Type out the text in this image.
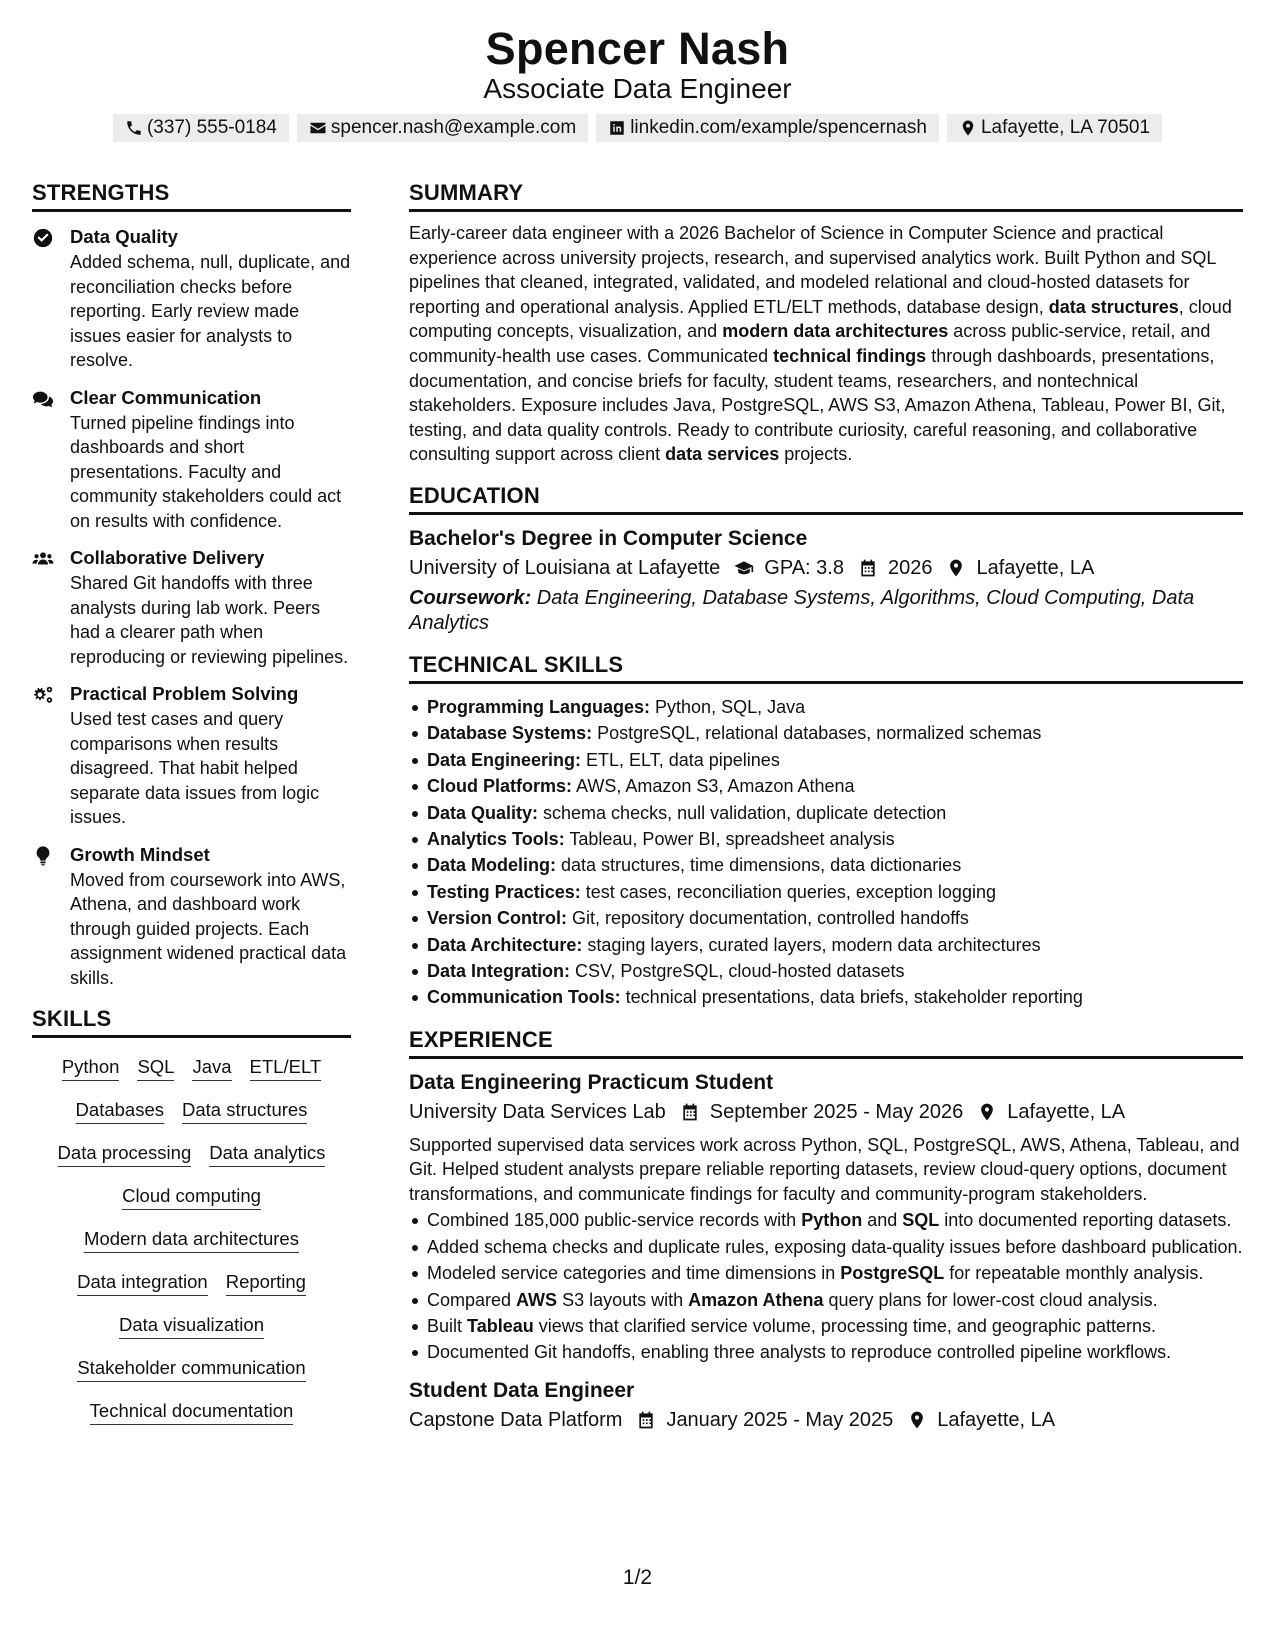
Spencer Nash
Associate Data Engineer
(337) 555-0184	spencer.nash@example.com	linkedin.com/example/spencernash	Lafayette, LA 70501
STRENGTHS
Data Quality
Added schema, null, duplicate, and reconciliation checks before reporting. Early review made issues easier for analysts to resolve.
Clear Communication
Turned pipeline findings into dashboards and short presentations. Faculty and community stakeholders could act on results with confidence.
Collaborative Delivery
Shared Git handoffs with three analysts during lab work. Peers had a clearer path when reproducing or reviewing pipelines.
Practical Problem Solving
Used test cases and query comparisons when results disagreed. That habit helped separate data issues from logic issues.
Growth Mindset
Moved from coursework into AWS, Athena, and dashboard work through guided projects. Each assignment widened practical data skills.
SKILLS
Python SQL Java ETL/ELT
Databases Data structures
Data processing Data analytics
Cloud computing
Modern data architectures
Data integration Reporting
Data visualization
Stakeholder communication
Technical documentation
SUMMARY
Early-career data engineer with a 2026 Bachelor of Science in Computer Science and practical experience across university projects, research, and supervised analytics work. Built Python and SQL pipelines that cleaned, integrated, validated, and modeled relational and cloud-hosted datasets for reporting and operational analysis. Applied ETL/ELT methods, database design, data structures, cloud computing concepts, visualization, and modern data architectures across public-service, retail, and community-health use cases. Communicated technical findings through dashboards, presentations, documentation, and concise briefs for faculty, student teams, researchers, and nontechnical stakeholders. Exposure includes Java, PostgreSQL, AWS S3, Amazon Athena, Tableau, Power BI, Git, testing, and data quality controls. Ready to contribute curiosity, careful reasoning, and collaborative consulting support across client data services projects.
EDUCATION
Bachelor's Degree in Computer Science
University of Louisiana at Lafayette GPA: 3.8 2026 Lafayette, LA
Coursework: Data Engineering, Database Systems, Algorithms, Cloud Computing, Data Analytics
TECHNICAL SKILLS
Programming Languages: Python, SQL, Java
Database Systems: PostgreSQL, relational databases, normalized schemas
Data Engineering: ETL, ELT, data pipelines
Cloud Platforms: AWS, Amazon S3, Amazon Athena
Data Quality: schema checks, null validation, duplicate detection
Analytics Tools: Tableau, Power BI, spreadsheet analysis
Data Modeling: data structures, time dimensions, data dictionaries
Testing Practices: test cases, reconciliation queries, exception logging
Version Control: Git, repository documentation, controlled handoffs
Data Architecture: staging layers, curated layers, modern data architectures
Data Integration: CSV, PostgreSQL, cloud-hosted datasets
Communication Tools: technical presentations, data briefs, stakeholder reporting
EXPERIENCE
Data Engineering Practicum Student
University Data Services Lab September 2025 - May 2026 Lafayette, LA
Supported supervised data services work across Python, SQL, PostgreSQL, AWS, Athena, Tableau, and Git. Helped student analysts prepare reliable reporting datasets, review cloud-query options, document transformations, and communicate findings for faculty and community-program stakeholders.
Combined 185,000 public-service records with Python and SQL into documented reporting datasets.
Added schema checks and duplicate rules, exposing data-quality issues before dashboard publication.
Modeled service categories and time dimensions in PostgreSQL for repeatable monthly analysis.
Compared AWS S3 layouts with Amazon Athena query plans for lower-cost cloud analysis.
Built Tableau views that clarified service volume, processing time, and geographic patterns.
Documented Git handoffs, enabling three analysts to reproduce controlled pipeline workflows.
Student Data Engineer
Capstone Data Platform January 2025 - May 2025 Lafayette, LA
1/2
